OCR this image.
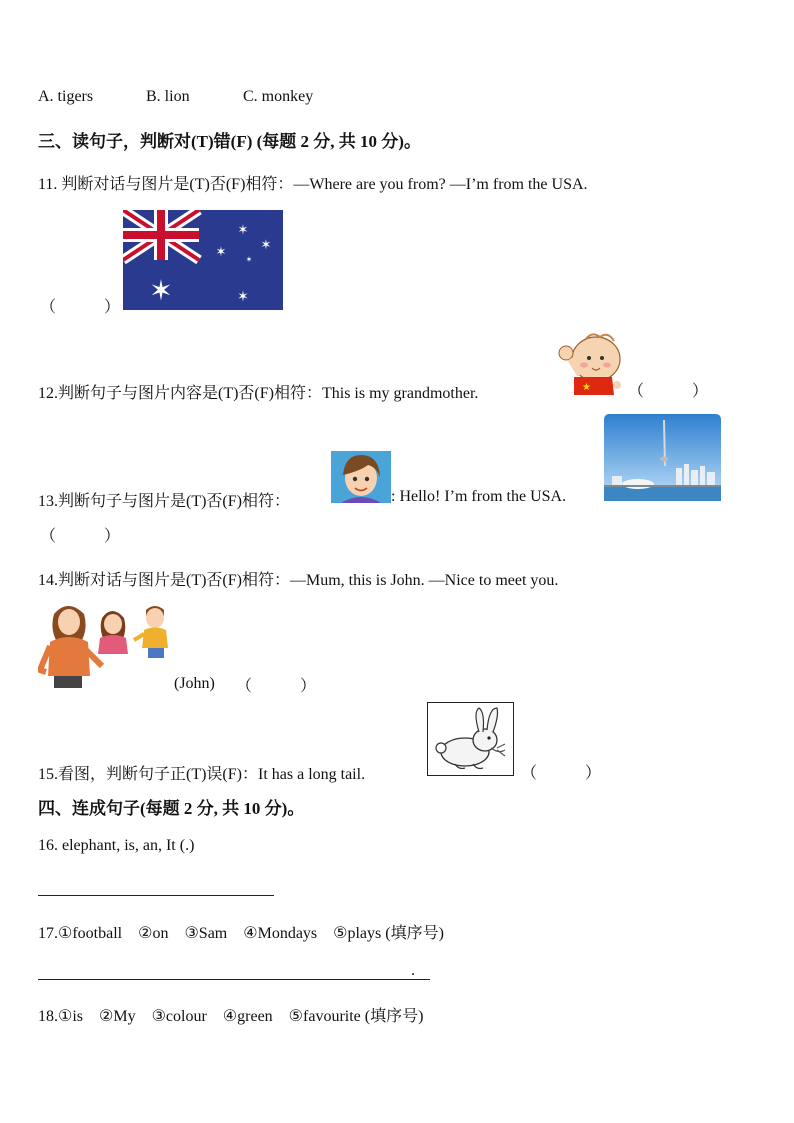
A. tigers	B. lion	C. monkey
三、读句子，判断对(T)错(F) (每题 2 分, 共 10 分)。
11. 判断对话与图片是(T)否(F)相符：—Where are you from? —I’m from the USA.
（　　　）
✶
✶
✶
✶ ✶
✶
12.判断句子与图片内容是(T)否(F)相符：This is my grandmother.	★ （　　　）
13.判断句子与图片是(T)否(F)相符：	: Hello! I’m from the USA.
（　　　）
14.判断对话与图片是(T)否(F)相符：—Mum, this is John. —Nice to meet you.
(John) （　　　）
15.看图，判断句子正(T)误(F)：It has a long tail.	（　　　）
四、连成句子(每题 2 分, 共 10 分)。
16. elephant, is, an, It (.)
17.①football　②on　③Sam　④Mondays　⑤plays (填序号)
.
18.①is　②My　③colour　④green　⑤favourite (填序号)
